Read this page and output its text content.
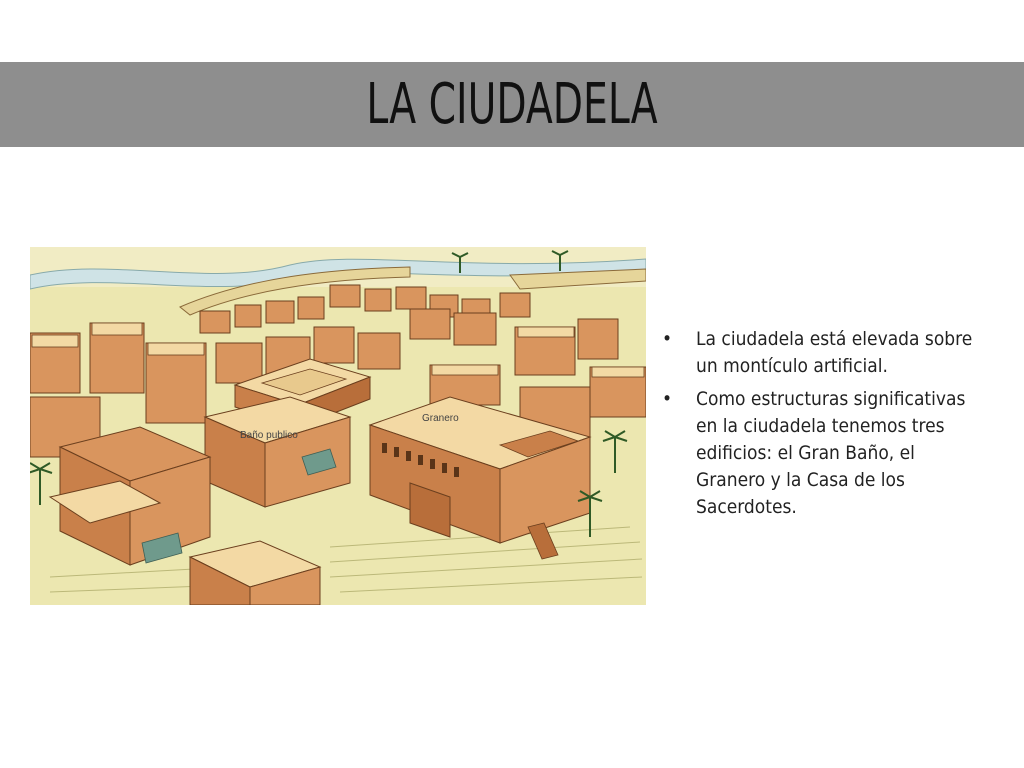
LA CIUDADELA
Granero
Baño publico
• La ciudadela está elevada sobre un montículo artificial.
• Como estructuras significativas en la ciudadela tenemos tres edificios: el Gran Baño, el Granero y la Casa de los Sacerdotes.
